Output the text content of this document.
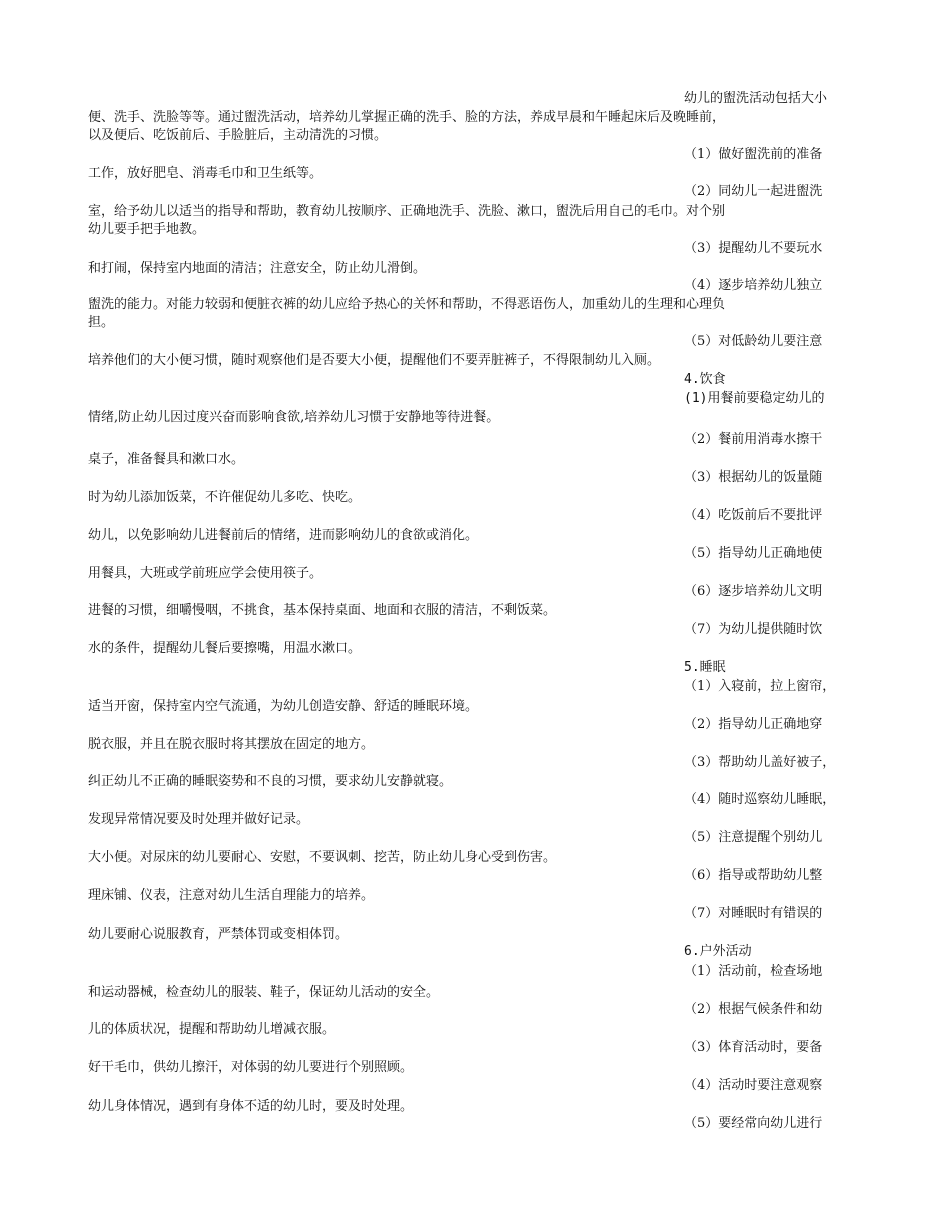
幼儿的盥洗活动包括大小
便、洗手、洗脸等等。通过盥洗活动，培养幼儿掌握正确的洗手、脸的方法，养成早晨和午睡起床后及晚睡前，
以及便后、吃饭前后、手脸脏后，主动清洗的习惯。
（1）做好盥洗前的准备
工作，放好肥皂、消毒毛巾和卫生纸等。
（2）同幼儿一起进盥洗
室，给予幼儿以适当的指导和帮助，教育幼儿按顺序、正确地洗手、洗脸、漱口，盥洗后用自己的毛巾。对个别
幼儿要手把手地教。
（3）提醒幼儿不要玩水
和打闹，保持室内地面的清洁；注意安全，防止幼儿滑倒。
（4）逐步培养幼儿独立
盥洗的能力。对能力较弱和便脏衣裤的幼儿应给予热心的关怀和帮助，不得恶语伤人，加重幼儿的生理和心理负
担。
（5）对低龄幼儿要注意
培养他们的大小便习惯，随时观察他们是否要大小便，提醒他们不要弄脏裤子，不得限制幼儿入厕。
4.饮食
(1)用餐前要稳定幼儿的
情绪,防止幼儿因过度兴奋而影响食欲,培养幼儿习惯于安静地等待进餐。
（2）餐前用消毒水擦干
桌子，准备餐具和漱口水。
（3）根据幼儿的饭量随
时为幼儿添加饭菜，不许催促幼儿多吃、快吃。
（4）吃饭前后不要批评
幼儿，以免影响幼儿进餐前后的情绪，进而影响幼儿的食欲或消化。
（5）指导幼儿正确地使
用餐具，大班或学前班应学会使用筷子。
（6）逐步培养幼儿文明
进餐的习惯，细嚼慢咽，不挑食，基本保持桌面、地面和衣服的清洁，不剩饭菜。
（7）为幼儿提供随时饮
水的条件，提醒幼儿餐后要擦嘴，用温水漱口。
5.睡眠
（1）入寝前，拉上窗帘，
适当开窗，保持室内空气流通，为幼儿创造安静、舒适的睡眠环境。
（2）指导幼儿正确地穿
脱衣服，并且在脱衣服时将其摆放在固定的地方。
（3）帮助幼儿盖好被子，
纠正幼儿不正确的睡眠姿势和不良的习惯，要求幼儿安静就寝。
（4）随时巡察幼儿睡眠，
发现异常情况要及时处理并做好记录。
（5）注意提醒个别幼儿
大小便。对尿床的幼儿要耐心、安慰，不要讽刺、挖苦，防止幼儿身心受到伤害。
（6）指导或帮助幼儿整
理床铺、仪表，注意对幼儿生活自理能力的培养。
（7）对睡眠时有错误的
幼儿要耐心说服教育，严禁体罚或变相体罚。
6.户外活动
（1）活动前，检查场地
和运动器械，检查幼儿的服装、鞋子，保证幼儿活动的安全。
（2）根据气候条件和幼
儿的体质状况，提醒和帮助幼儿增减衣服。
（3）体育活动时，要备
好干毛巾，供幼儿擦汗，对体弱的幼儿要进行个别照顾。
（4）活动时要注意观察
幼儿身体情况，遇到有身体不适的幼儿时，要及时处理。
（5）要经常向幼儿进行
